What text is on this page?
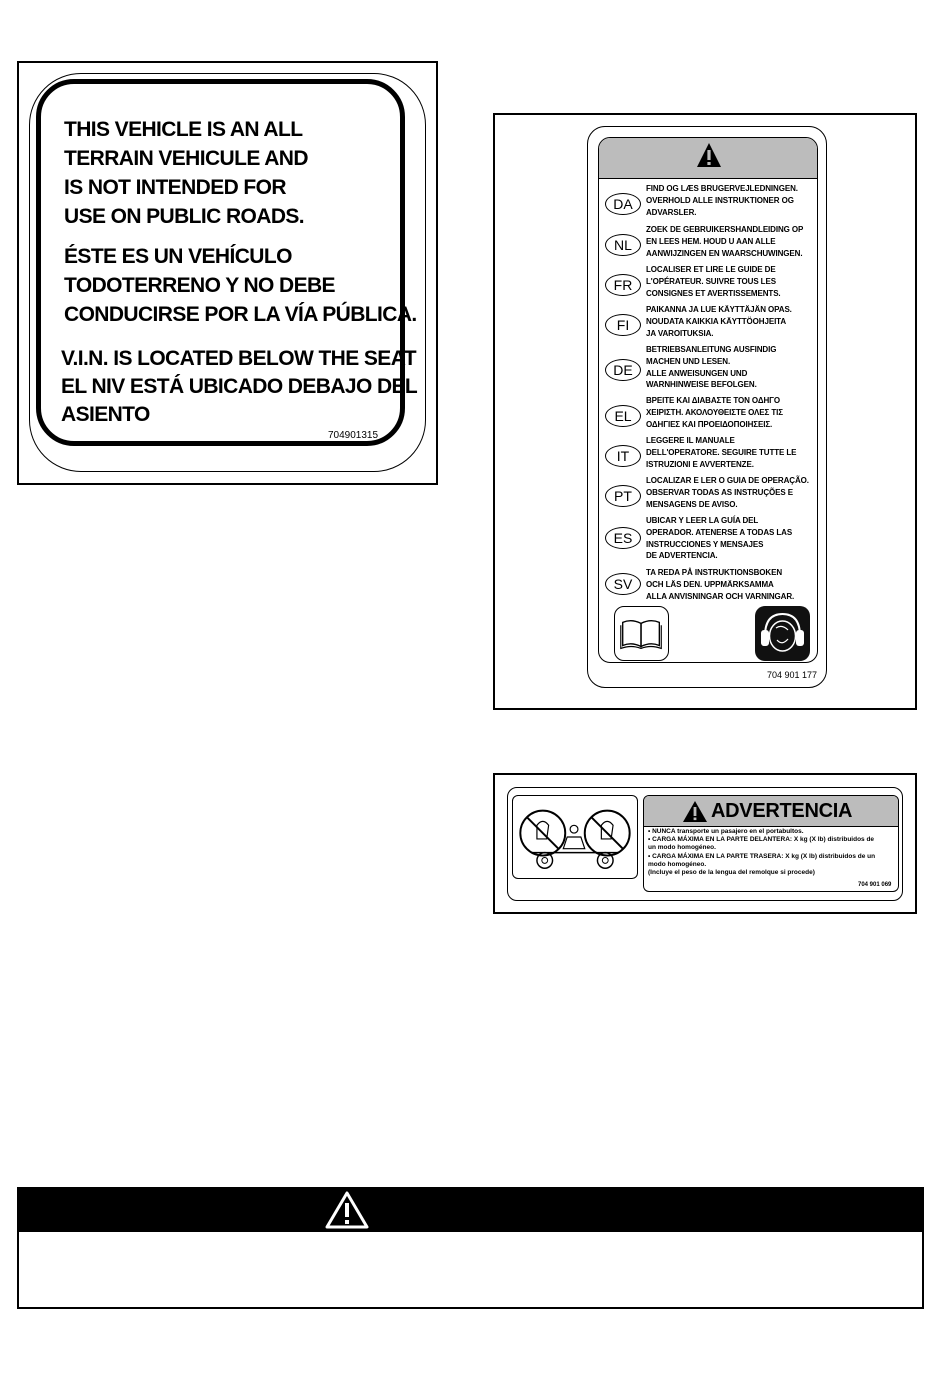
THIS VEHICLE IS AN ALL
TERRAIN VEHICULE AND
IS NOT INTENDED FOR
USE ON PUBLIC ROADS.
ÉSTE ES UN VEHÍCULO
TODOTERRENO Y NO DEBE
CONDUCIRSE POR LA VÍA PÚBLICA.
V.I.N. IS LOCATED BELOW THE SEAT
EL NIV ESTÁ UBICADO DEBAJO DEL
ASIENTO
704901315
DA
FIND OG LÆS BRUGERVEJLEDNINGEN.
OVERHOLD ALLE INSTRUKTIONER OG
ADVARSLER.
NL
ZOEK DE GEBRUIKERSHANDLEIDING OP
EN LEES HEM. HOUD U AAN ALLE
AANWIJZINGEN EN WAARSCHUWINGEN.
FR
LOCALISER ET LIRE LE GUIDE DE
L'OPÉRATEUR. SUIVRE TOUS LES
CONSIGNES ET AVERTISSEMENTS.
FI
PAIKANNA JA LUE KÄYTTÄJÄN OPAS.
NOUDATA KAIKKIA KÄYTTÖOHJEITA
JA VAROITUKSIA.
DE
BETRIEBSANLEITUNG AUSFINDIG
MACHEN UND LESEN.
ALLE ANWEISUNGEN UND
WARNHINWEISE BEFOLGEN.
EL
ΒΡΕΙΤΕ ΚΑΙ ΔΙΑΒΑΣΤΕ ΤΟΝ ΟΔΗΓΟ
ΧΕΙΡΙΣΤΗ. ΑΚΟΛΟΥΘΕΙΣΤΕ ΟΛΕΣ ΤΙΣ
ΟΔΗΓΙΕΣ ΚΑΙ ΠΡΟΕΙΔΟΠΟΙΗΣΕΙΣ.
IT
LEGGERE IL MANUALE
DELL'OPERATORE. SEGUIRE TUTTE LE
ISTRUZIONI E AVVERTENZE.
PT
LOCALIZAR E LER O GUIA DE OPERAÇÃO.
OBSERVAR TODAS AS INSTRUÇÕES E
MENSAGENS DE AVISO.
ES
UBICAR Y LEER LA GUÍA DEL
OPERADOR. ATENERSE A TODAS LAS
INSTRUCCIONES Y MENSAJES
DE ADVERTENCIA.
SV
TA REDA PÅ INSTRUKTIONSBOKEN
OCH LÄS DEN. UPPMÄRKSAMMA
ALLA ANVISNINGAR OCH VARNINGAR.
704 901 177
ADVERTENCIA
• NUNCA transporte un pasajero en el portabultos.
• CARGA MÁXIMA EN LA PARTE DELANTERA: X kg (X lb) distribuidos de
un modo homogéneo.
• CARGA MÁXIMA EN LA PARTE TRASERA: X kg (X lb) distribuidos de un
modo homogéneo.
(Incluye el peso de la lengua del remolque si procede)
704 901 069
